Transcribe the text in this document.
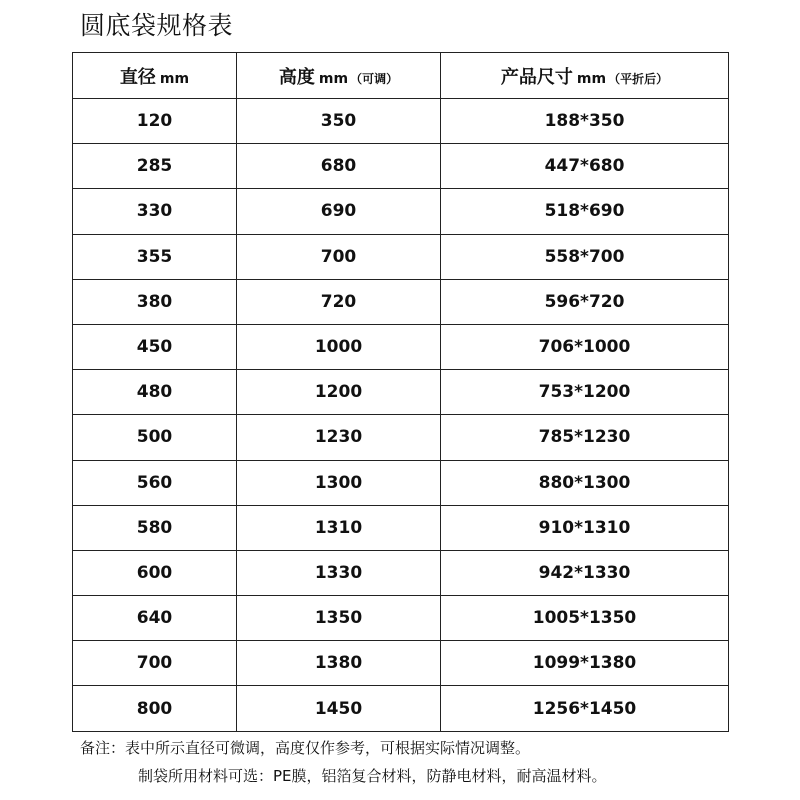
圆底袋规格表
直径 mm	高度 mm （可调）	产品尺寸 mm （平折后）
120	350	188*350
285	680	447*680
330	690	518*690
355	700	558*700
380	720	596*720
450	1000	706*1000
480	1200	753*1200
500	1230	785*1230
560	1300	880*1300
580	1310	910*1310
600	1330	942*1330
640	1350	1005*1350
700	1380	1099*1380
800	1450	1256*1450
备注：表中所示直径可微调，高度仅作参考，可根据实际情况调整。
制袋所用材料可选：PE膜，铝箔复合材料，防静电材料，耐高温材料。
